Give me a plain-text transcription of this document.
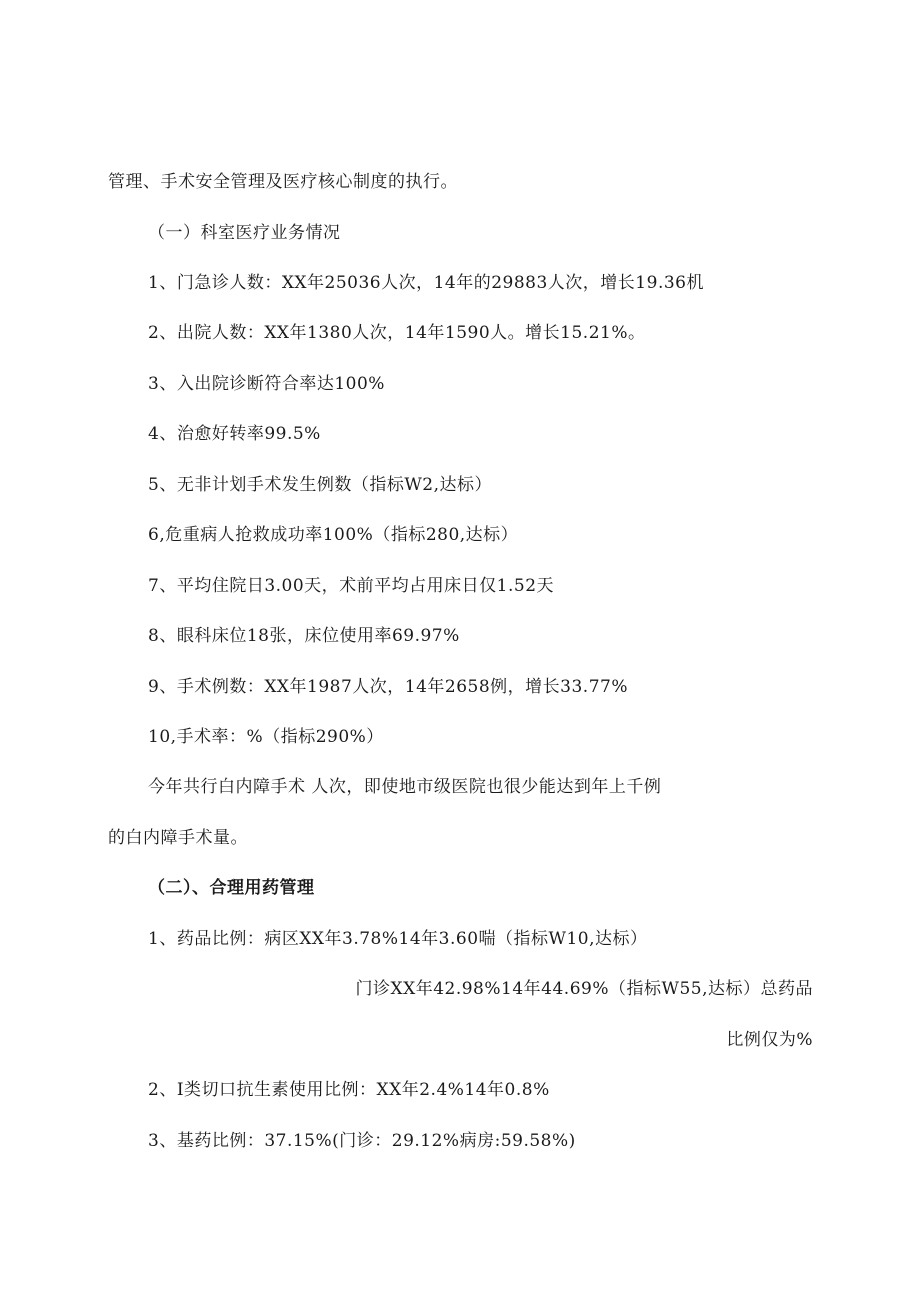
管理、手术安全管理及医疗核心制度的执行。
（一）科室医疗业务情况
1、门急诊人数：XX年25036人次，14年的29883人次，增长19.36机
2、出院人数：XX年1380人次，14年1590人。增长15.21%。
3、入出院诊断符合率达100%
4、治愈好转率99.5%
5、无非计划手术发生例数（指标W2,达标）
6,危重病人抢救成功率100%（指标280,达标）
7、平均住院日3.00天，术前平均占用床日仅1.52天
8、眼科床位18张，床位使用率69.97%
9、手术例数：XX年1987人次，14年2658例，增长33.77%
10,手术率：%（指标290%）
今年共行白内障手术 人次，即使地市级医院也很少能达到年上千例
的白内障手术量。
（二）、合理用药管理
1、药品比例：病区XX年3.78%14年3.60喘（指标W10,达标）
门诊XX年42.98%14年44.69%（指标W55,达标）总药品
比例仅为%
2、I类切口抗生素使用比例：XX年2.4%14年0.8%
3、基药比例：37.15%(门诊：29.12%病房:59.58%)
